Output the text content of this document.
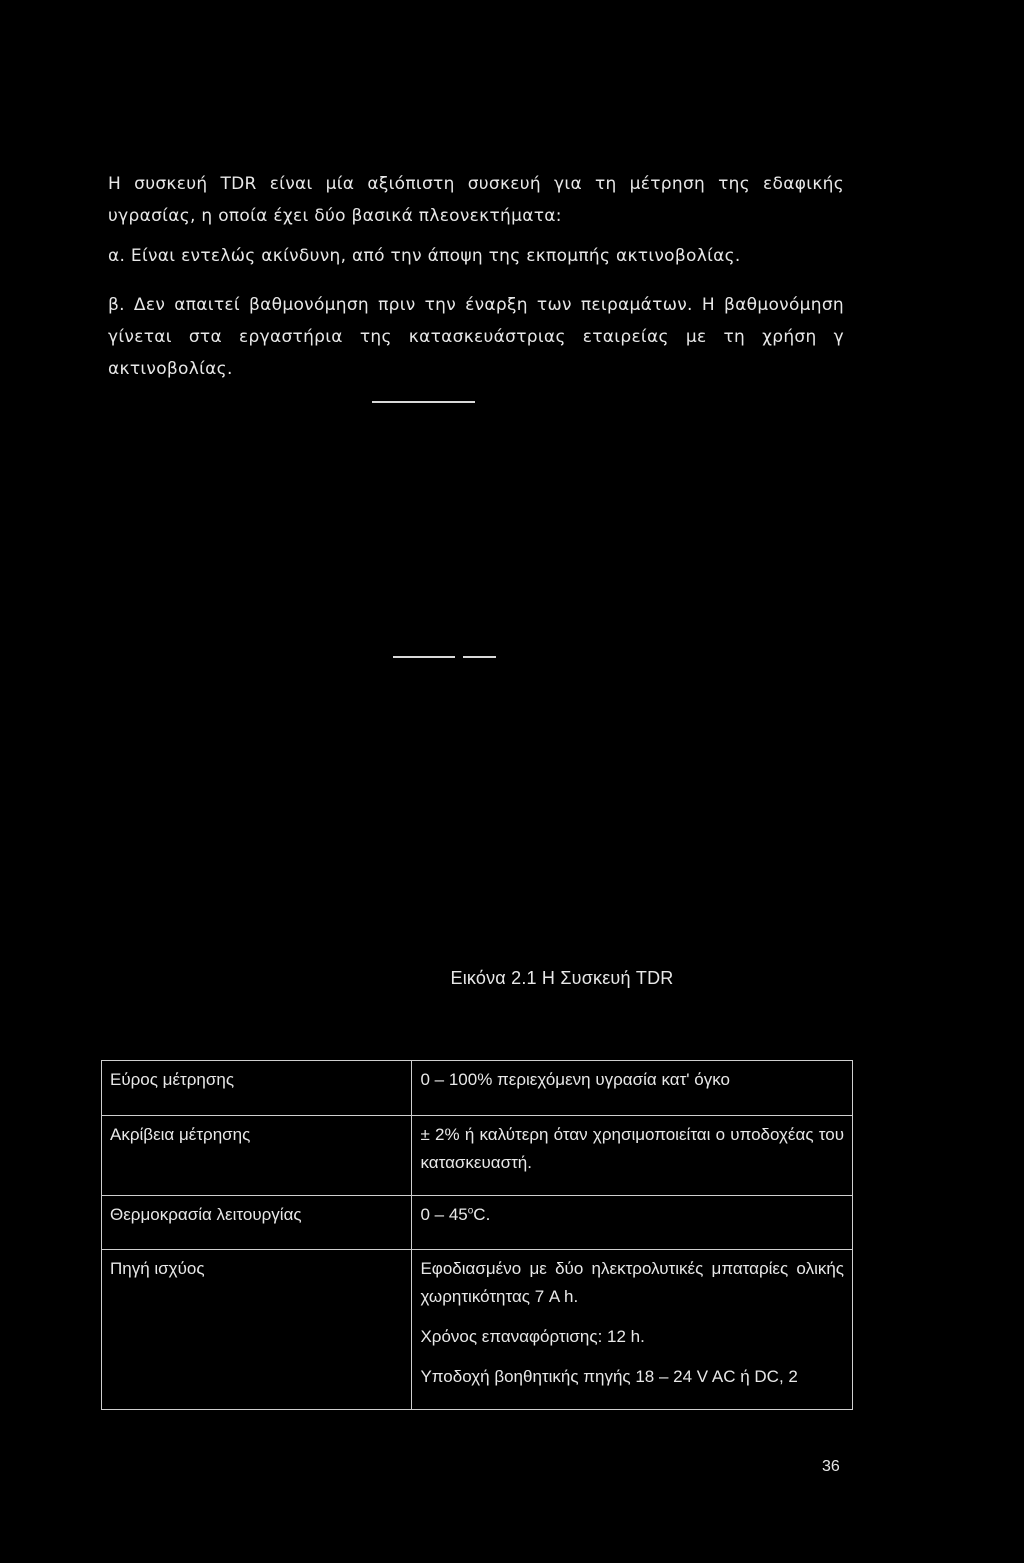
Η συσκευή TDR είναι μία αξιόπιστη συσκευή για τη μέτρηση της εδαφικής υγρασίας, η οποία έχει δύο βασικά πλεονεκτήματα:

α. Είναι εντελώς ακίνδυνη, από την άποψη της εκπομπής ακτινοβολίας.

β. Δεν απαιτεί βαθμονόμηση πριν την έναρξη των πειραμάτων. Η βαθμονόμηση γίνεται στα εργαστήρια της κατασκευάστριας εταιρείας με τη χρήση γ ακτινοβολίας.

Εικόνα 2.1 Η Συσκευή TDR
Εύρος μέτρησης	0 – 100% περιεχόμενη υγρασία κατ' όγκο

Ακρίβεια μέτρησης	± 2% ή καλύτερη όταν χρησιμοποιείται ο υποδοχέας του κατασκευαστή.

Θερμοκρασία λειτουργίας	0 – 45$^o$C.
Πηγή ισχύος	Εφοδιασμένο με δύο ηλεκτρολυτικές μπαταρίες ολικής χωρητικότητας 7 A h.
Χρόνος επαναφόρτισης: 12 h.
Υποδοχή βοηθητικής πηγής 18 – 24 V AC ή DC, 2
36
